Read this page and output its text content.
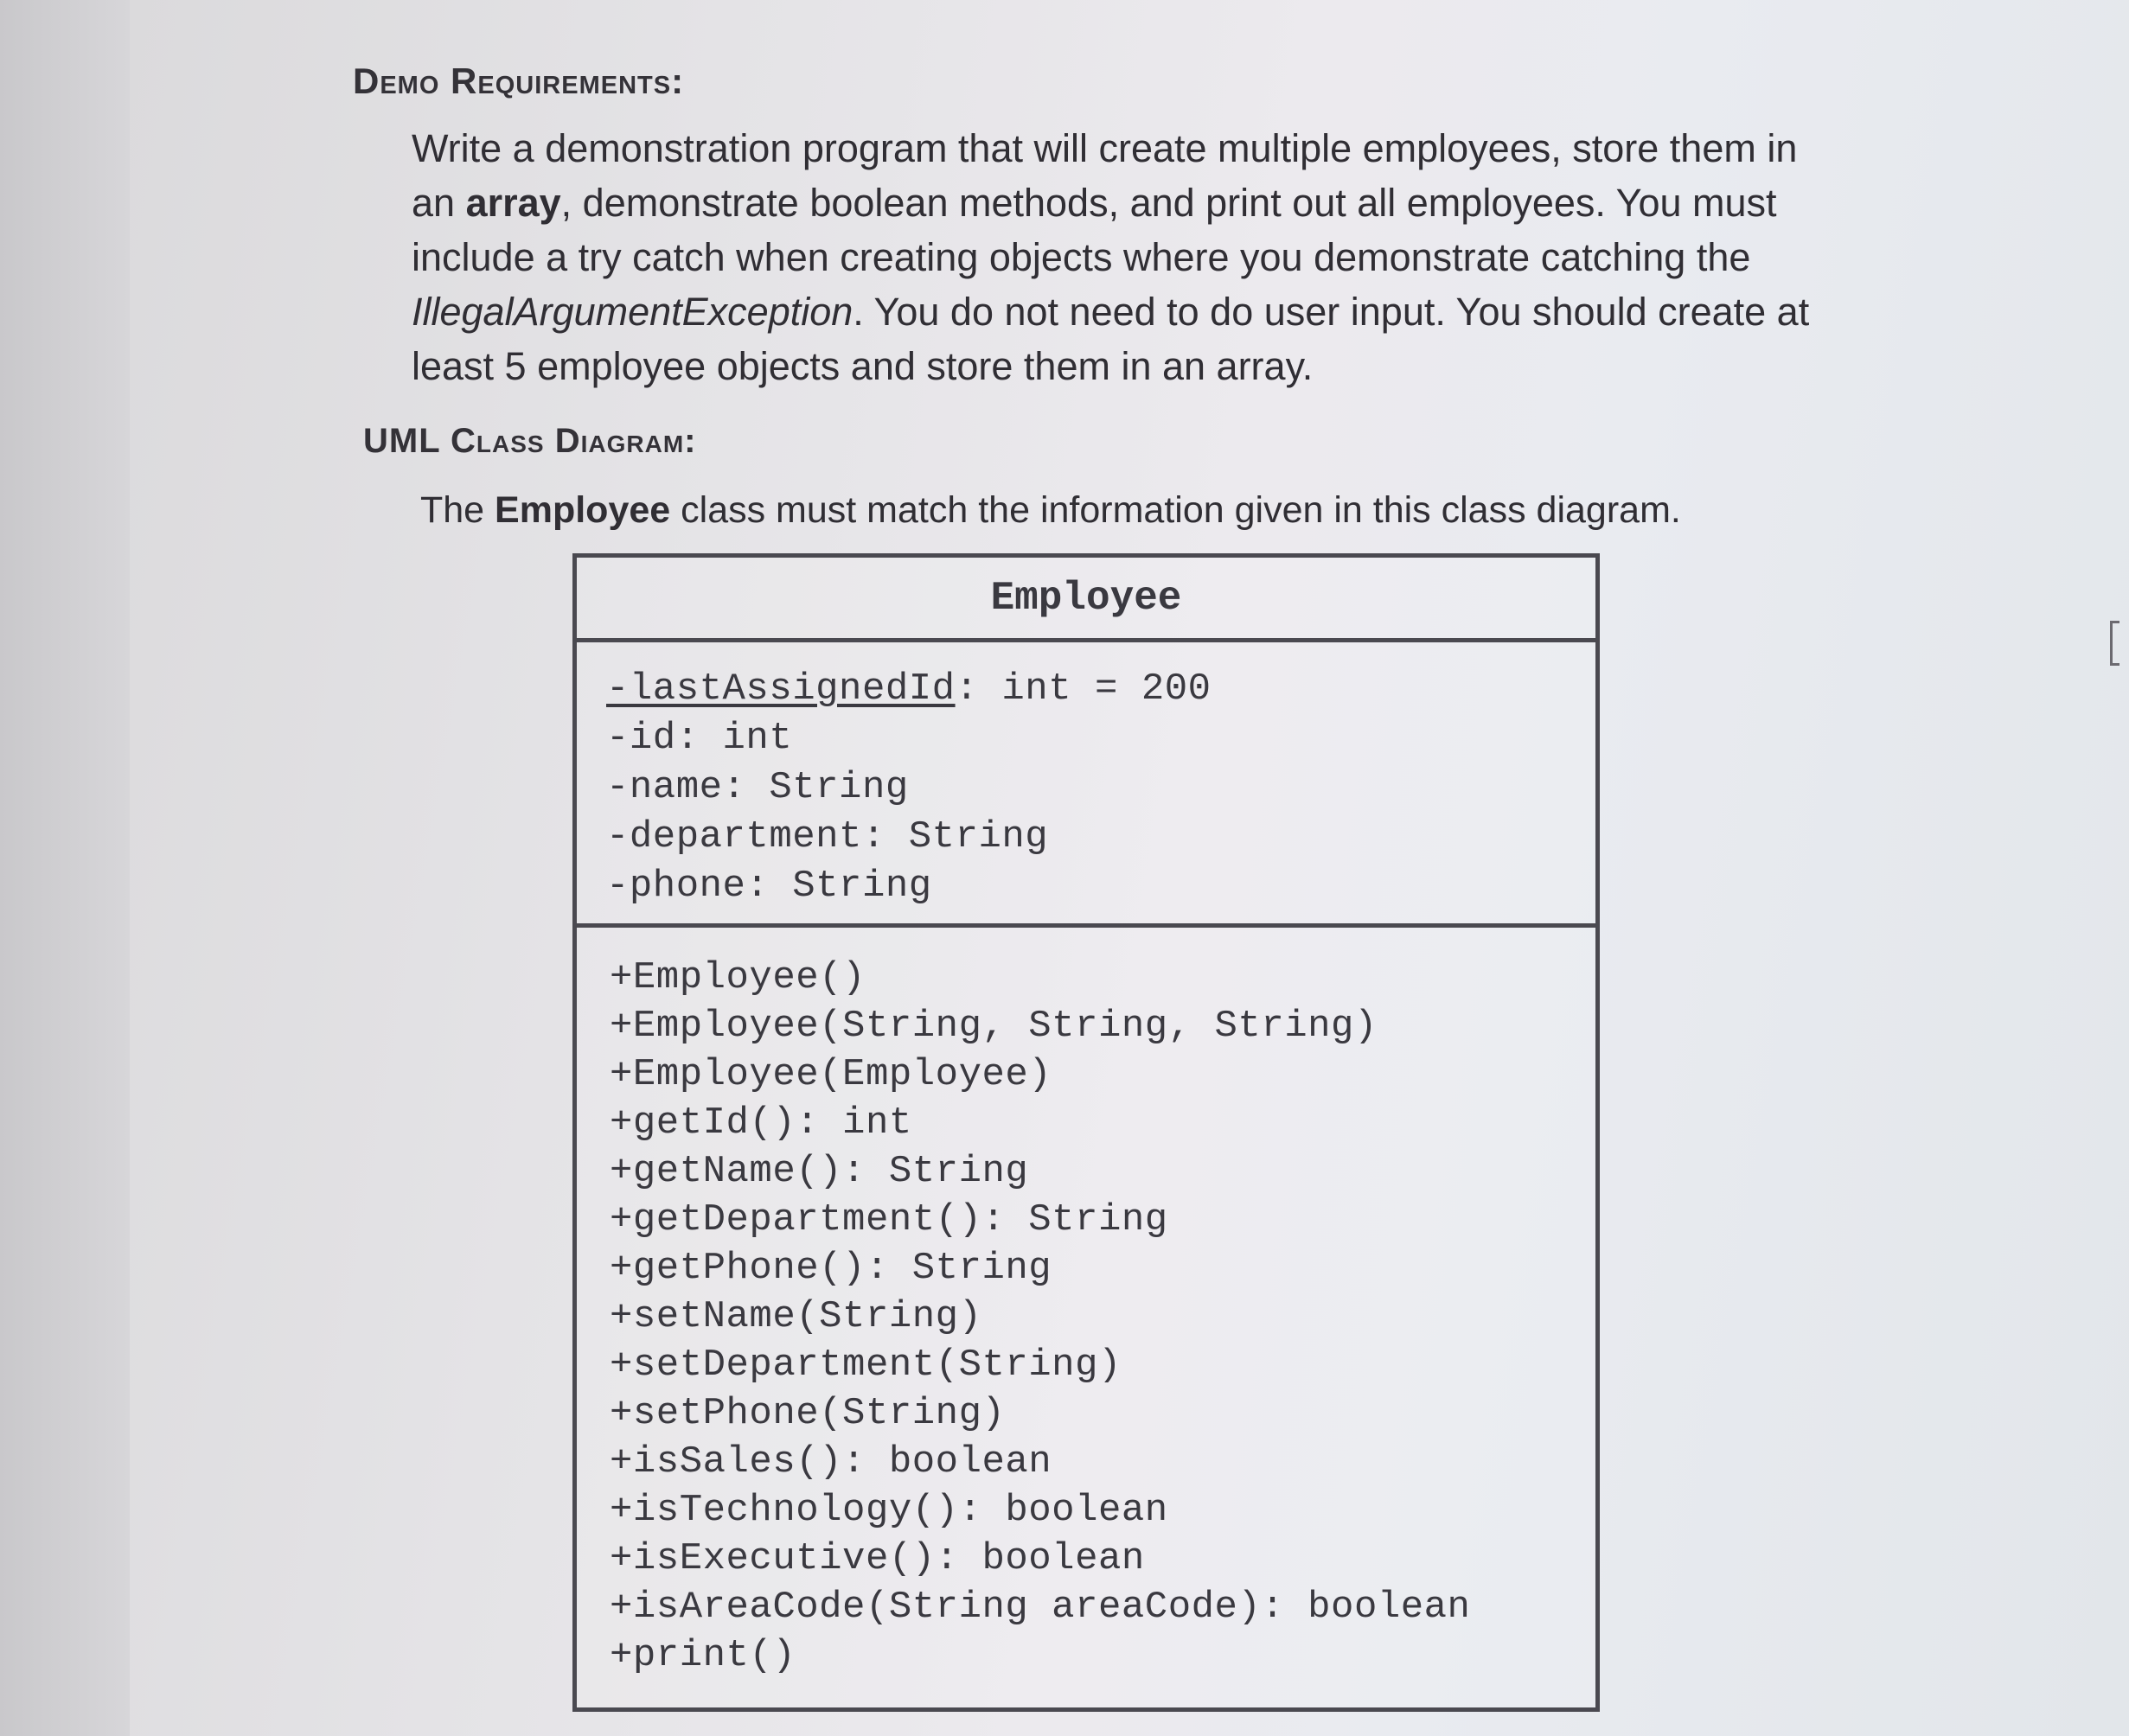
Demo Requirements:
Write a demonstration program that will create multiple employees, store them in an array, demonstrate boolean methods, and print out all employees. You must include a try catch when creating objects where you demonstrate catching the IllegalArgumentException. You do not need to do user input. You should create at least 5 employee objects and store them in an array.
UML Class Diagram:
The Employee class must match the information given in this class diagram.
Employee
-lastAssignedId: int = 200
-id: int
-name: String
-department: String
-phone: String
+Employee()
+Employee(String, String, String)
+Employee(Employee)
+getId(): int
+getName(): String
+getDepartment(): String
+getPhone(): String
+setName(String)
+setDepartment(String)
+setPhone(String)
+isSales(): boolean
+isTechnology(): boolean
+isExecutive(): boolean
+isAreaCode(String areaCode): boolean
+print()
